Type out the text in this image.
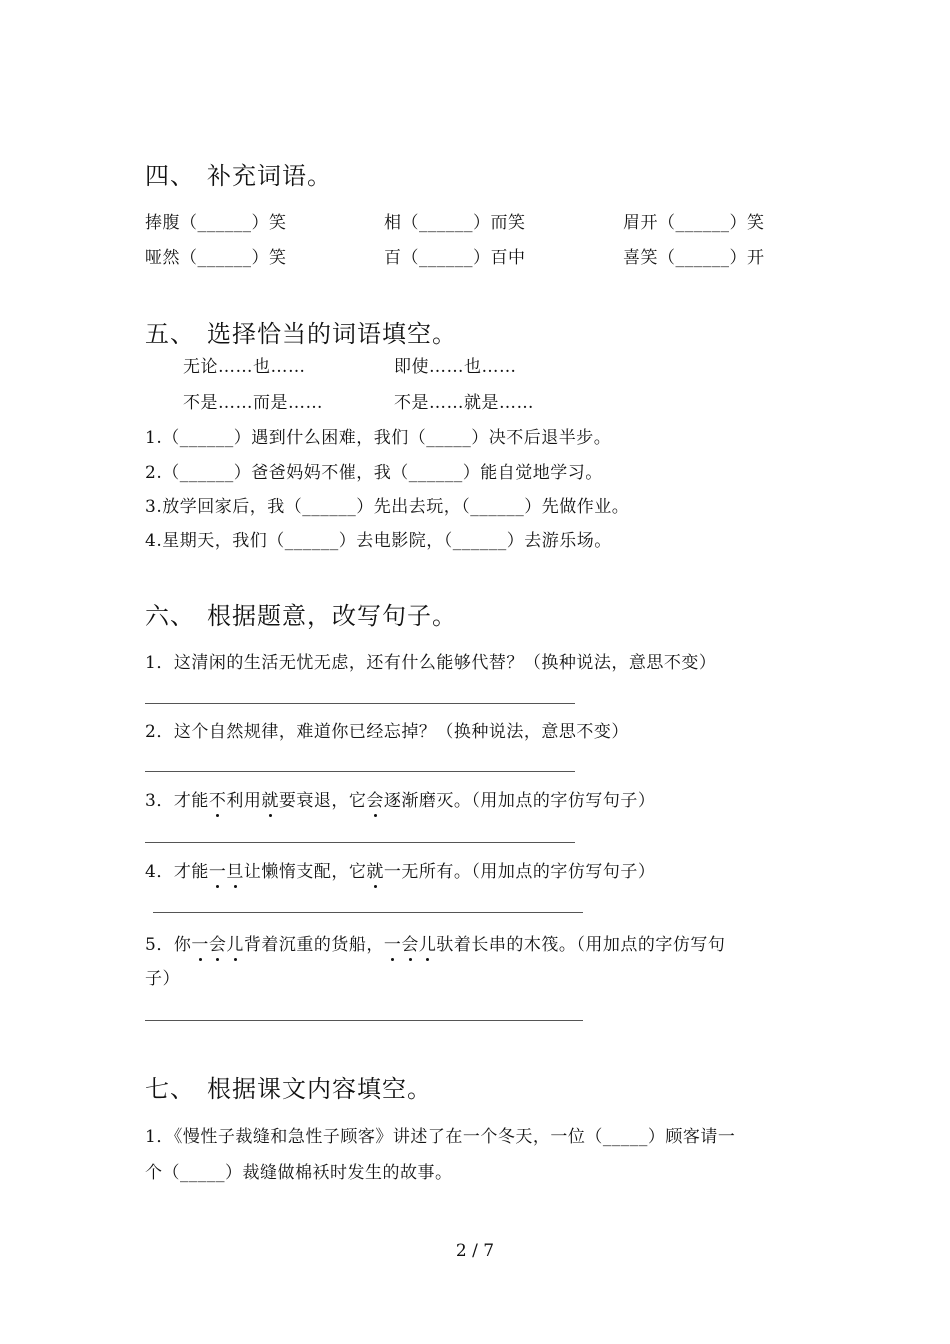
四、 补充词语。
捧腹（______）笑	相（______）而笑	眉开（______）笑
哑然（______）笑	百（______）百中	喜笑（______）开
五、 选择恰当的词语填空。
无论……也……	即使……也……
不是……而是……	不是……就是……
1.（______）遇到什么困难，我们（_____）决不后退半步。
2.（______）爸爸妈妈不催，我（______）能自觉地学习。
3.放学回家后，我（______）先出去玩，（______）先做作业。
4.星期天，我们（______）去电影院，（______）去游乐场。
六、 根据题意，改写句子。
1．这清闲的生活无忧无虑，还有什么能够代替？（换种说法，意思不变）
2．这个自然规律，难道你已经忘掉？（换种说法，意思不变）
3．才能不利用就要衰退，它会逐渐磨灭。（用加点的字仿写句子）
4．才能一旦让懒惰支配，它就一无所有。（用加点的字仿写句子）
5．你一会儿背着沉重的货船，一会儿驮着长串的木筏。（用加点的字仿写句
子）
七、 根据课文内容填空。
1．《慢性子裁缝和急性子顾客》讲述了在一个冬天，一位（_____）顾客请一
个（_____）裁缝做棉袄时发生的故事。
2 / 7
